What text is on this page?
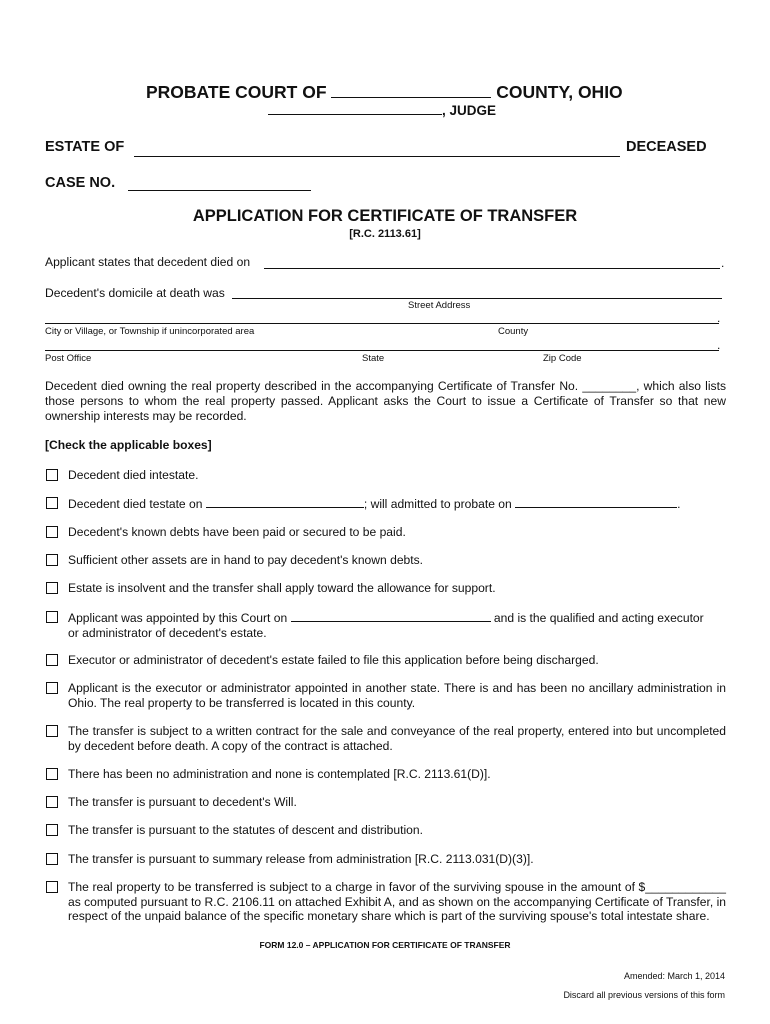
PROBATE COURT OF	COUNTY, OHIO
, JUDGE
ESTATE OF	DECEASED
CASE NO.
APPLICATION FOR CERTIFICATE OF TRANSFER
[R.C. 2113.61]
Applicant states that decedent died on	.
Decedent's domicile at death was
Street Address
.
City or Village, or Township if unincorporated area	County
.
Post Office	State	Zip Code
Decedent died owning the real property described in the accompanying Certificate of Transfer No. ________, which also lists those persons to whom the real property passed. Applicant asks the Court to issue a Certificate of Transfer so that new ownership interests may be recorded.
[Check the applicable boxes]
Decedent died intestate.
Decedent died testate on	; will admitted to probate on	.
Decedent's known debts have been paid or secured to be paid.
Sufficient other assets are in hand to pay decedent's known debts.
Estate is insolvent and the transfer shall apply toward the allowance for support.
Applicant was appointed by this Court on	and is the qualified and acting executor
or administrator of decedent's estate.
Executor or administrator of decedent's estate failed to file this application before being discharged.
Applicant is the executor or administrator appointed in another state. There is and has been no ancillary administration in Ohio. The real property to be transferred is located in this county.
The transfer is subject to a written contract for the sale and conveyance of the real property, entered into but uncompleted by decedent before death. A copy of the contract is attached.
There has been no administration and none is contemplated [R.C. 2113.61(D)].
The transfer is pursuant to decedent's Will.
The transfer is pursuant to the statutes of descent and distribution.
The transfer is pursuant to summary release from administration [R.C. 2113.031(D)(3)].
The real property to be transferred is subject to a charge in favor of the surviving spouse in the amount of $____________ as computed pursuant to R.C. 2106.11 on attached Exhibit A, and as shown on the accompanying Certificate of Transfer, in respect of the unpaid balance of the specific monetary share which is part of the surviving spouse's total intestate share.
FORM 12.0 – APPLICATION FOR CERTIFICATE OF TRANSFER
Amended: March 1, 2014
Discard all previous versions of this form
